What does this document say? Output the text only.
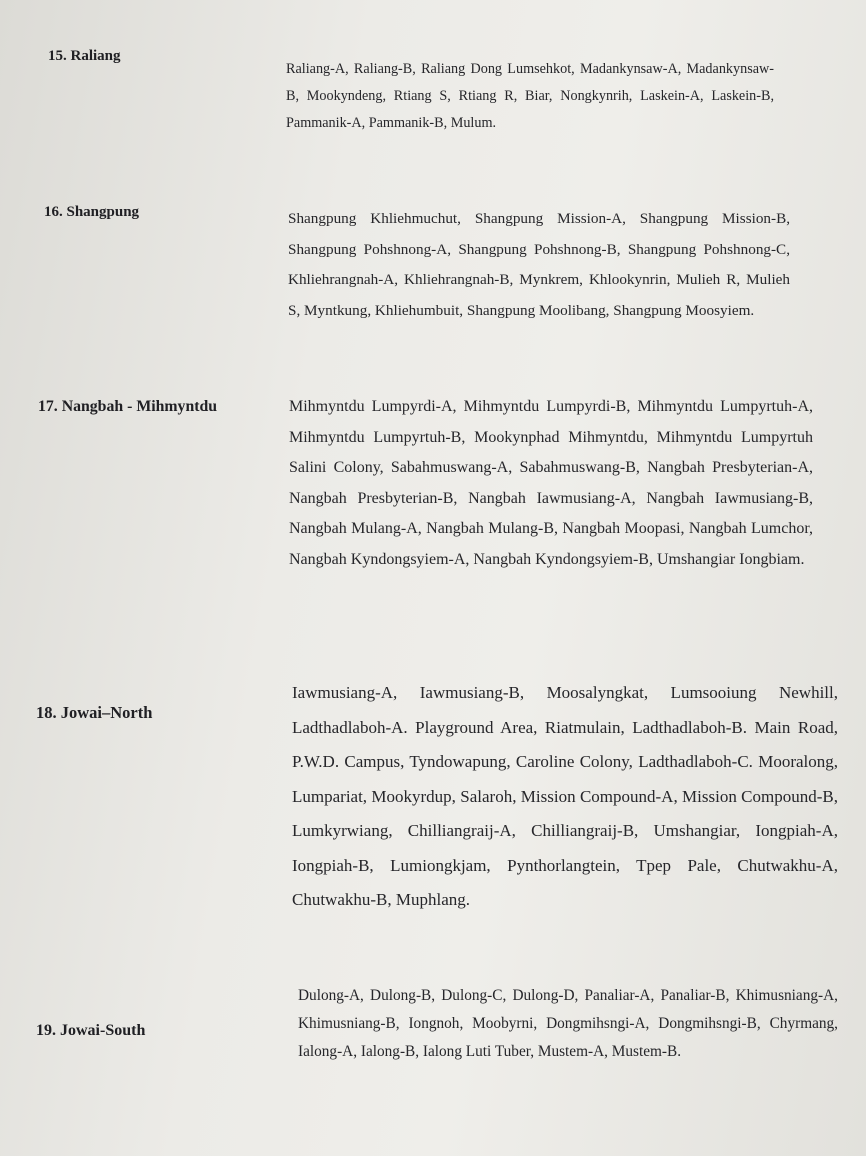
15. Raliang
Raliang-A, Raliang-B, Raliang Dong Lumsehkot, Madankynsaw-A, Madankynsaw-B, Mookyndeng, Rtiang S, Rtiang R, Biar, Nongkynrih, Laskein-A, Laskein-B, Pammanik-A, Pammanik-B, Mulum.
16. Shangpung	Shangpung Khliehmuchut, Shangpung Mission-A, Shangpung Mission-B, Shangpung Pohshnong-A, Shangpung Pohshnong-B, Shangpung Pohshnong-C, Khliehrangnah-A, Khliehrangnah-B, Mynkrem, Khlookynrin, Mulieh R, Mulieh S, Myntkung, Khliehumbuit, Shangpung Moolibang, Shangpung Moosyiem.
17. Nangbah - Mihmyntdu	Mihmyntdu Lumpyrdi-A, Mihmyntdu Lumpyrdi-B, Mihmyntdu Lumpyrtuh-A, Mihmyntdu Lumpyrtuh-B, Mookynphad Mihmyntdu, Mihmyntdu Lumpyrtuh Salini Colony, Sabahmuswang-A, Sabahmuswang-B, Nangbah Presbyterian-A, Nangbah Presbyterian-B, Nangbah Iawmusiang-A, Nangbah Iawmusiang-B, Nangbah Mulang-A, Nangbah Mulang-B, Nangbah Moopasi, Nangbah Lumchor, Nangbah Kyndongsyiem-A, Nangbah Kyndongsyiem-B, Umshangiar Iongbiam.
18. Jowai–North
Iawmusiang-A, Iawmusiang-B, Moosalyngkat, Lumsooiung Newhill, Ladthadlaboh-A. Playground Area, Riatmulain, Ladthadlaboh-B. Main Road, P.W.D. Campus, Tyndowapung, Caroline Colony, Ladthadlaboh-C. Mooralong, Lumpariat, Mookyrdup, Salaroh, Mission Compound-A, Mission Compound-B, Lumkyrwiang, Chilliangraij-A, Chilliangraij-B, Umshangiar, Iongpiah-A, Iongpiah-B, Lumiongkjam, Pynthorlangtein, Tpep Pale, Chutwakhu-A, Chutwakhu-B, Muphlang.
19. Jowai-South
Dulong-A, Dulong-B, Dulong-C, Dulong-D, Panaliar-A, Panaliar-B, Khimusniang-A, Khimusniang-B, Iongnoh, Moobyrni, Dongmihsngi-A, Dongmihsngi-B, Chyrmang, Ialong-A, Ialong-B, Ialong Luti Tuber, Mustem-A, Mustem-B.
